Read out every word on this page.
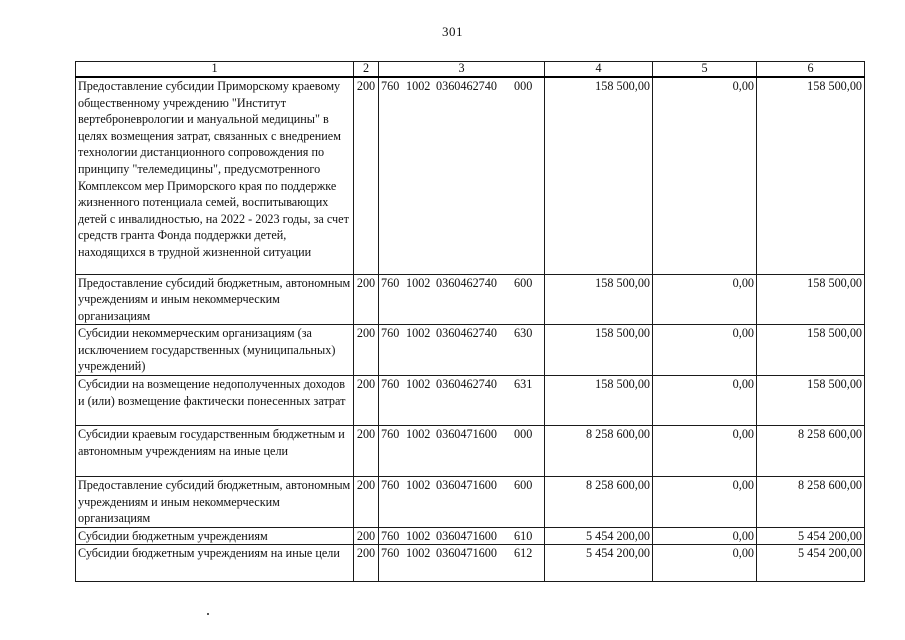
301
1	2	3	4	5	6
Предоставление субсидии Приморскому краевому общественному учреждению "Институт вертеброневрологии и мануальной медицины" в целях возмещения затрат, связанных с внедрением технологии дистанционного сопровождения по принципу "телемедицины", предусмотренного Комплексом мер Приморского края по поддержке жизненного потенциала семей, воспитывающих детей с инвалидностью, на 2022 - 2023 годы, за счет средств гранта Фонда поддержки детей, находящихся в трудной жизненной ситуации	200	760 1002 0360462740 000	158 500,00	0,00	158 500,00
Предоставление субсидий бюджетным, автономным учреждениям и иным некоммерческим организациям	200	760 1002 0360462740 600	158 500,00	0,00	158 500,00
Субсидии некоммерческим организациям (за исключением государственных (муниципальных) учреждений)	200	760 1002 0360462740 630	158 500,00	0,00	158 500,00
Субсидии на возмещение недополученных доходов и (или) возмещение фактически понесенных затрат	200	760 1002 0360462740 631	158 500,00	0,00	158 500,00
Субсидии краевым государственным бюджетным и автономным учреждениям на иные цели	200	760 1002 0360471600 000	8 258 600,00	0,00	8 258 600,00
Предоставление субсидий бюджетным, автономным учреждениям и иным некоммерческим организациям	200	760 1002 0360471600 600	8 258 600,00	0,00	8 258 600,00
Субсидии бюджетным учреждениям	200	760 1002 0360471600 610	5 454 200,00	0,00	5 454 200,00
Субсидии бюджетным учреждениям на иные цели	200	760 1002 0360471600 612	5 454 200,00	0,00	5 454 200,00
